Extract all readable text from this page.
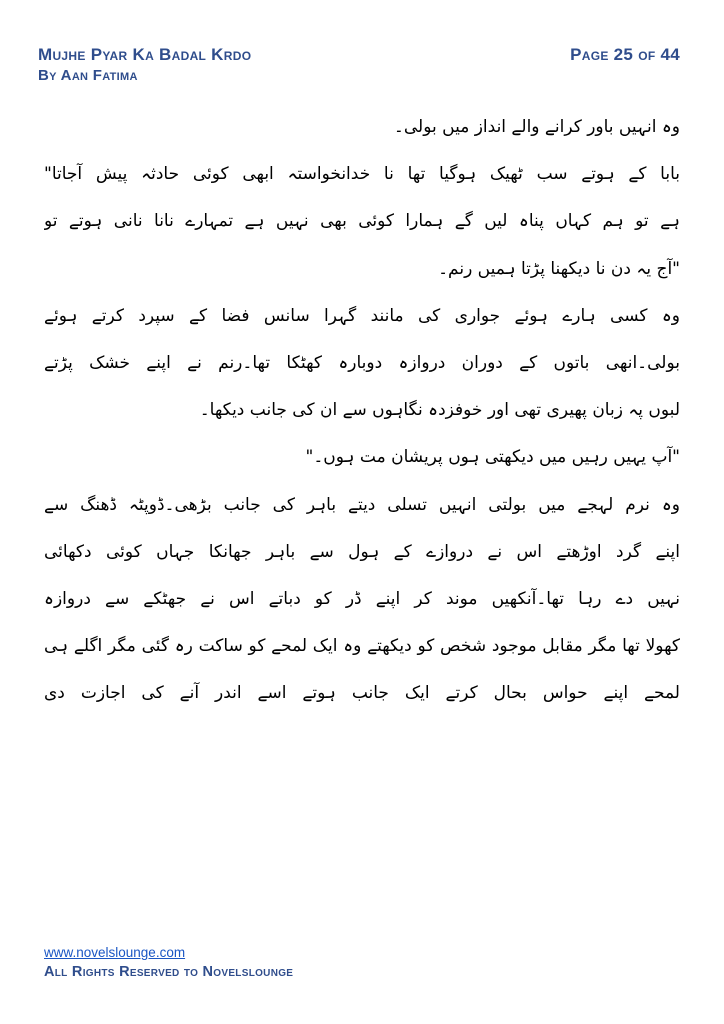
Mujhe Pyar Ka Badal Krdo
By Aan Fatima
Page 25 of 44

وہ انہیں باور کرانے والے انداز میں بولی۔

بابا کے ہوتے سب ٹھیک ہوگیا تھا نا خدانخواستہ ابھی کوئی حادثہ پیش آجاتا"

ہے تو ہم کہاں پناہ لیں گے ہمارا کوئی بھی نہیں ہے تمہارے نانا نانی ہوتے تو

"آج یہ دن نا دیکھنا پڑتا ہمیں رنم۔

وہ کسی ہارے ہوئے جواری کی مانند گہرا سانس فضا کے سپرد کرتے ہوئے

بولی۔انھی باتوں کے دوران دروازہ دوبارہ کھٹکا تھا۔رنم نے اپنے خشک پڑتے

لبوں پہ زبان پھیری تھی اور خوفزدہ نگاہوں سے ان کی جانب دیکھا۔

"آپ یہیں رہیں میں دیکھتی ہوں پریشان مت ہوں۔"

وہ نرم لہجے میں بولتی انہیں تسلی دیتے باہر کی جانب بڑھی۔ڈوپٹہ ڈھنگ سے

اپنے گرد اوڑھتے اس نے دروازے کے ہول سے باہر جھانکا جہاں کوئی دکھائی

نہیں دے رہا تھا۔آنکھیں موند کر اپنے ڈر کو دباتے اس نے جھٹکے سے دروازہ

کھولا تھا مگر مقابل موجود شخص کو دیکھتے وہ ایک لمحے کو ساکت رہ گئی مگر اگلے ہی

لمحے اپنے حواس بحال کرتے ایک جانب ہوتے اسے اندر آنے کی اجازت دی

www.novelslounge.com
All Rights Reserved to Novelslounge
